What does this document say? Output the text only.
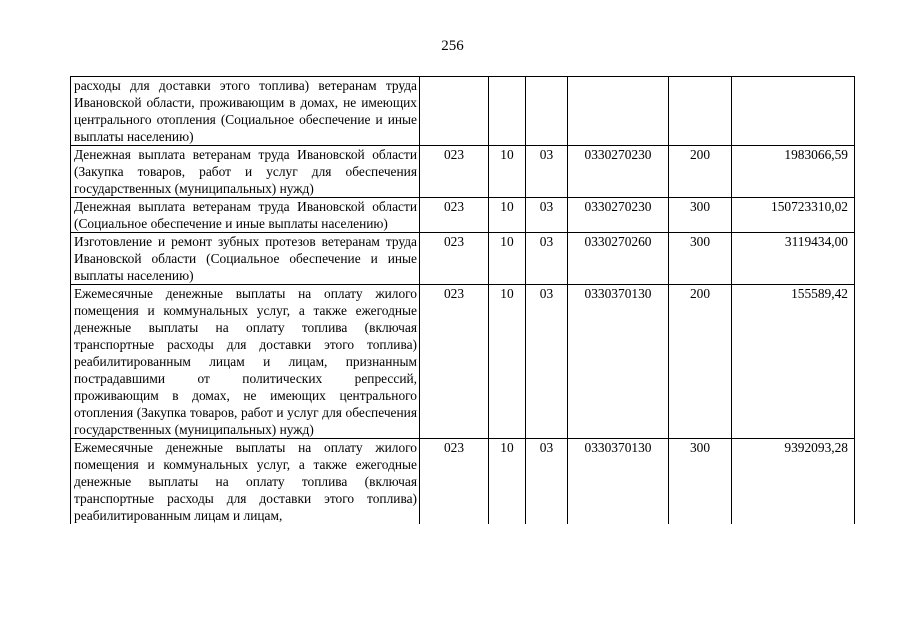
256
расходы для доставки этого топлива) ветеранам труда Ивановской области, проживающим в домах, не имеющих центрального отопления (Социальное обеспечение и иные выплаты населению)						
Денежная выплата ветеранам труда Ивановской области (Закупка товаров, работ и услуг для обеспечения государственных (муниципальных) нужд)	023	10	03	0330270230	200	1983066,59
Денежная выплата ветеранам труда Ивановской области (Социальное обеспечение и иные выплаты населению)	023	10	03	0330270230	300	150723310,02
Изготовление и ремонт зубных протезов ветеранам труда Ивановской области (Социальное обеспечение и иные выплаты населению)	023	10	03	0330270260	300	3119434,00
Ежемесячные денежные выплаты на оплату жилого помещения и коммунальных услуг, а также ежегодные денежные выплаты на оплату топлива (включая транспортные расходы для доставки этого топлива) реабилитированным лицам и лицам, признанным пострадавшими от политических репрессий, проживающим в домах, не имеющих центрального отопления (Закупка товаров, работ и услуг для обеспечения государственных (муниципальных) нужд)	023	10	03	0330370130	200	155589,42
Ежемесячные денежные выплаты на оплату жилого помещения и коммунальных услуг, а также ежегодные денежные выплаты на оплату топлива (включая транспортные расходы для доставки этого топлива) реабилитированным лицам и лицам,	023	10	03	0330370130	300	9392093,28
